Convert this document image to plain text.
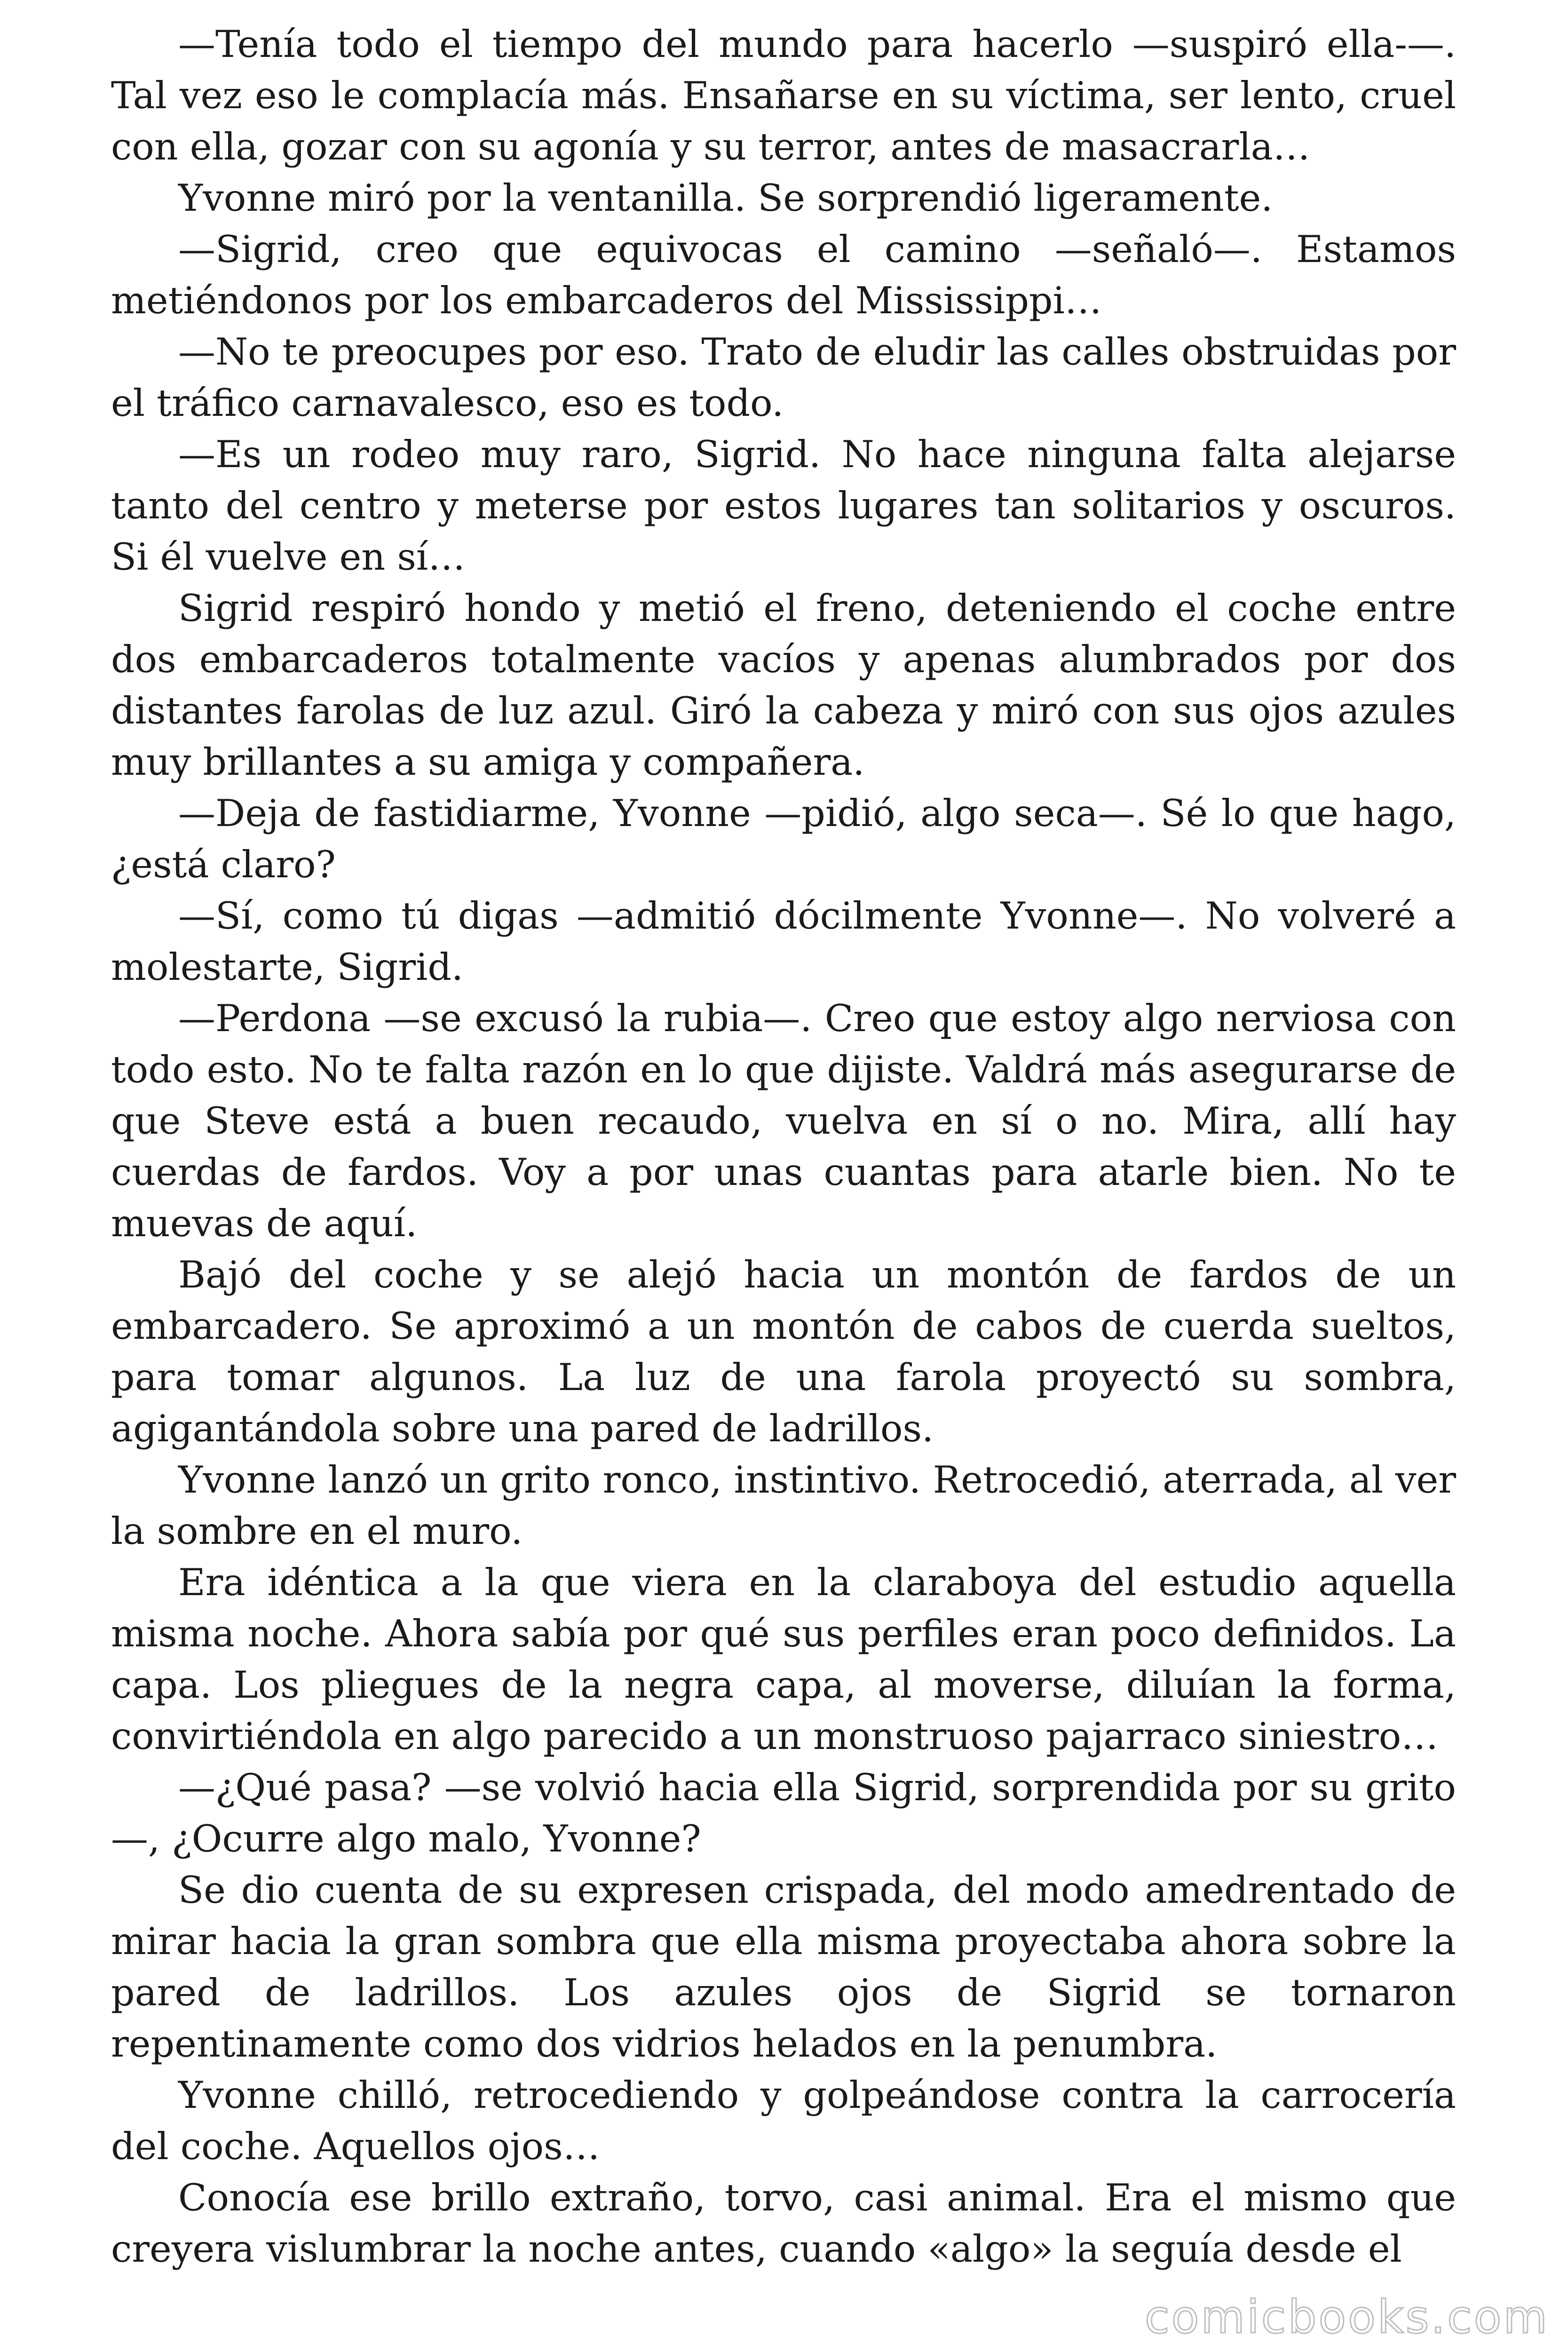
—Tenía todo el tiempo del mundo para hacerlo —suspiró ella-—. Tal vez eso le complacía más. Ensañarse en su víctima, ser lento, cruel con ella, gozar con su agonía y su terror, antes de masacrarla…

Yvonne miró por la ventanilla. Se sorprendió ligeramente.

—Sigrid, creo que equivocas el camino —señaló—. Estamos metiéndonos por los embarcaderos del Mississippi…

—No te preocupes por eso. Trato de eludir las calles obstruidas por el tráfico carnavalesco, eso es todo.

—Es un rodeo muy raro, Sigrid. No hace ninguna falta alejarse tanto del centro y meterse por estos lugares tan solitarios y oscuros. Si él vuelve en sí…

Sigrid respiró hondo y metió el freno, deteniendo el coche entre dos embarcaderos totalmente vacíos y apenas alumbrados por dos distantes farolas de luz azul. Giró la cabeza y miró con sus ojos azules muy brillantes a su amiga y compañera.

—Deja de fastidiarme, Yvonne —pidió, algo seca—. Sé lo que hago, ¿está claro?

—Sí, como tú digas —admitió dócilmente Yvonne—. No volveré a molestarte, Sigrid.

—Perdona —se excusó la rubia—. Creo que estoy algo nerviosa con todo esto. No te falta razón en lo que dijiste. Valdrá más asegurarse de que Steve está a buen recaudo, vuelva en sí o no. Mira, allí hay cuerdas de fardos. Voy a por unas cuantas para atarle bien. No te muevas de aquí.

Bajó del coche y se alejó hacia un montón de fardos de un embarcadero. Se aproximó a un montón de cabos de cuerda sueltos, para tomar algunos. La luz de una farola proyectó su sombra, agigantándola sobre una pared de ladrillos.

Yvonne lanzó un grito ronco, instintivo. Retrocedió, aterrada, al ver la sombre en el muro.

Era idéntica a la que viera en la claraboya del estudio aquella misma noche. Ahora sabía por qué sus perfiles eran poco definidos. La capa. Los pliegues de la negra capa, al moverse, diluían la forma, convirtiéndola en algo parecido a un monstruoso pajarraco siniestro…

—¿Qué pasa? —se volvió hacia ella Sigrid, sorprendida por su grito—, ¿Ocurre algo malo, Yvonne?

Se dio cuenta de su expresen crispada, del modo amedrentado de mirar hacia la gran sombra que ella misma proyectaba ahora sobre la pared de ladrillos. Los azules ojos de Sigrid se tornaron repentinamente como dos vidrios helados en la penumbra.

Yvonne chilló, retrocediendo y golpeándose contra la carrocería del coche. Aquellos ojos…

Conocía ese brillo extraño, torvo, casi animal. Era el mismo que creyera vislumbrar la noche antes, cuando «algo» la seguía desde el

comicbooks.com
